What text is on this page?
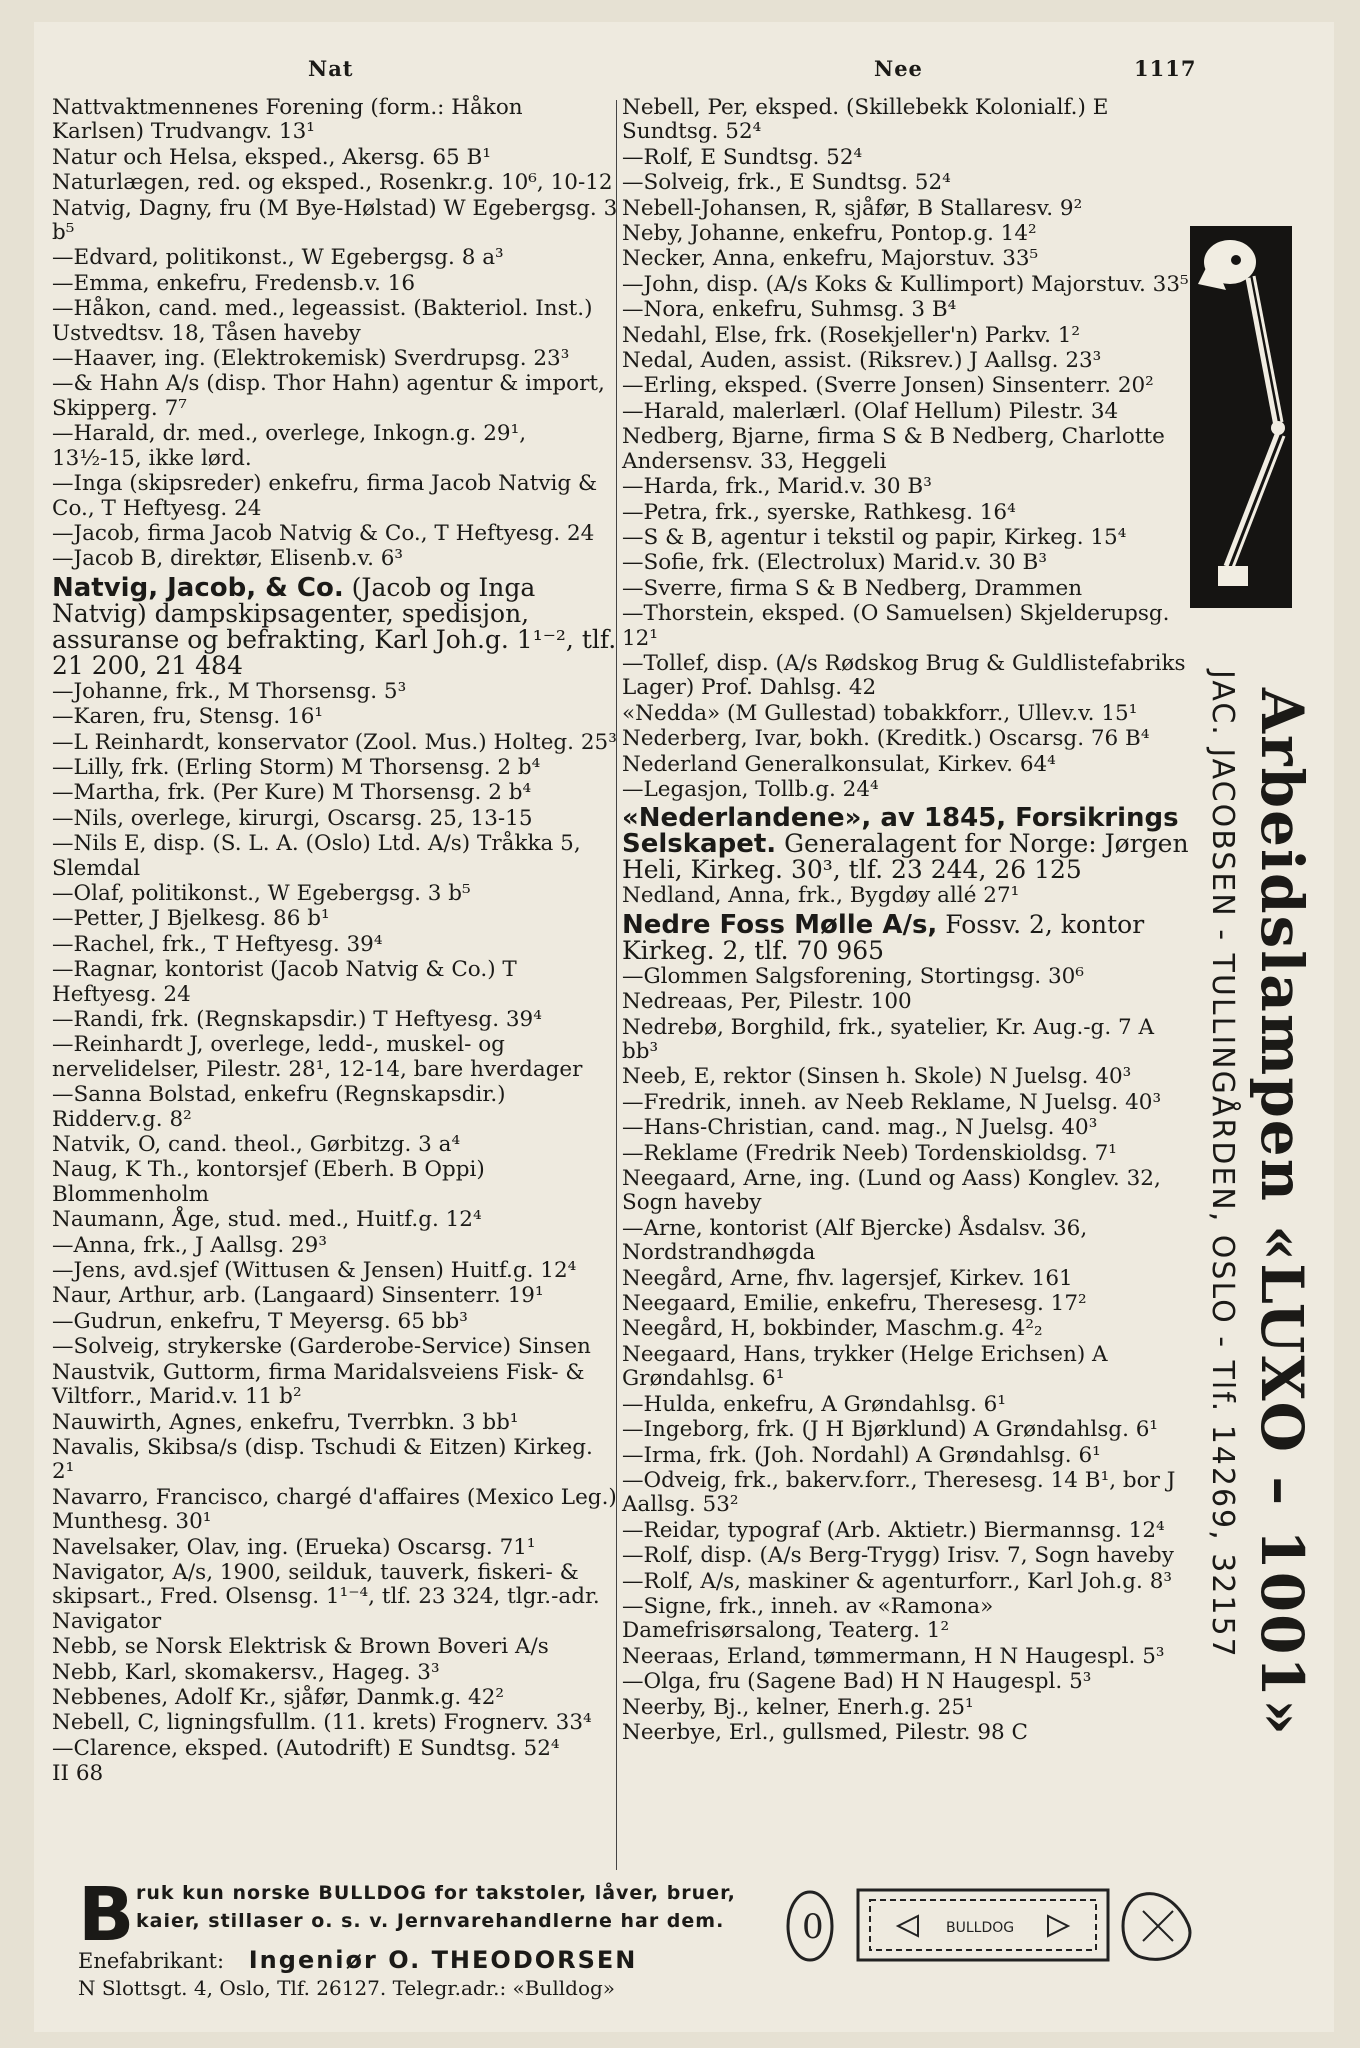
Nat	Nee	1117
Nattvaktmennenes Forening (form.: Håkon Karlsen) Trudvangv. 13¹
Natur och Helsa, eksped., Akersg. 65 B¹
Naturlægen, red. og eksped., Rosenkr.g. 10⁶, 10-12
Natvig, Dagny, fru (M Bye-Hølstad) W Egebergsg. 3 b⁵
—Edvard, politikonst., W Egebergsg. 8 a³
—Emma, enkefru, Fredensb.v. 16
—Håkon, cand. med., legeassist. (Bakteriol. Inst.) Ustvedtsv. 18, Tåsen haveby
—Haaver, ing. (Elektrokemisk) Sverdrupsg. 23³
—& Hahn A/s (disp. Thor Hahn) agentur & import, Skipperg. 7⁷
—Harald, dr. med., overlege, Inkogn.g. 29¹, 13½-15, ikke lørd.
—Inga (skipsreder) enkefru, firma Jacob Natvig & Co., T Heftyesg. 24
—Jacob, firma Jacob Natvig & Co., T Heftyesg. 24
—Jacob B, direktør, Elisenb.v. 6³
Natvig, Jacob, & Co. (Jacob og Inga Natvig) dampskipsagenter, spedisjon, assuranse og befrakting, Karl Joh.g. 1¹⁻², tlf. 21 200, 21 484
—Johanne, frk., M Thorsensg. 5³
—Karen, fru, Stensg. 16¹
—L Reinhardt, konservator (Zool. Mus.) Holteg. 25³
—Lilly, frk. (Erling Storm) M Thorsensg. 2 b⁴
—Martha, frk. (Per Kure) M Thorsensg. 2 b⁴
—Nils, overlege, kirurgi, Oscarsg. 25, 13-15
—Nils E, disp. (S. L. A. (Oslo) Ltd. A/s) Tråkka 5, Slemdal
—Olaf, politikonst., W Egebergsg. 3 b⁵
—Petter, J Bjelkesg. 86 b¹
—Rachel, frk., T Heftyesg. 39⁴
—Ragnar, kontorist (Jacob Natvig & Co.) T Heftyesg. 24
—Randi, frk. (Regnskapsdir.) T Heftyesg. 39⁴
—Reinhardt J, overlege, ledd-, muskel- og nervelidelser, Pilestr. 28¹, 12-14, bare hverdager
—Sanna Bolstad, enkefru (Regnskapsdir.) Ridderv.g. 8²
Natvik, O, cand. theol., Gørbitzg. 3 a⁴
Naug, K Th., kontorsjef (Eberh. B Oppi) Blommenholm
Naumann, Åge, stud. med., Huitf.g. 12⁴
—Anna, frk., J Aallsg. 29³
—Jens, avd.sjef (Wittusen & Jensen) Huitf.g. 12⁴
Naur, Arthur, arb. (Langaard) Sinsenterr. 19¹
—Gudrun, enkefru, T Meyersg. 65 bb³
—Solveig, strykerske (Garderobe-Service) Sinsen
Naustvik, Guttorm, firma Maridalsveiens Fisk- & Viltforr., Marid.v. 11 b²
Nauwirth, Agnes, enkefru, Tverrbkn. 3 bb¹
Navalis, Skibsa/s (disp. Tschudi & Eitzen) Kirkeg. 2¹
Navarro, Francisco, chargé d'affaires (Mexico Leg.) Munthesg. 30¹
Navelsaker, Olav, ing. (Erueka) Oscarsg. 71¹
Navigator, A/s, 1900, seilduk, tauverk, fiskeri- & skipsart., Fred. Olsensg. 1¹⁻⁴, tlf. 23 324, tlgr.-adr. Navigator
Nebb, se Norsk Elektrisk & Brown Boveri A/s
Nebb, Karl, skomakersv., Hageg. 3³
Nebbenes, Adolf Kr., sjåfør, Danmk.g. 42²
Nebell, C, ligningsfullm. (11. krets) Frognerv. 33⁴
—Clarence, eksped. (Autodrift) E Sundtsg. 52⁴
II 68
Nebell, Per, eksped. (Skillebekk Kolonialf.) E Sundtsg. 52⁴
—Rolf, E Sundtsg. 52⁴
—Solveig, frk., E Sundtsg. 52⁴
Nebell-Johansen, R, sjåfør, B Stallaresv. 9²
Neby, Johanne, enkefru, Pontop.g. 14²
Necker, Anna, enkefru, Majorstuv. 33⁵
—John, disp. (A/s Koks & Kullimport) Majorstuv. 33⁵
—Nora, enkefru, Suhmsg. 3 B⁴
Nedahl, Else, frk. (Rosekjeller'n) Parkv. 1²
Nedal, Auden, assist. (Riksrev.) J Aallsg. 23³
—Erling, eksped. (Sverre Jonsen) Sinsenterr. 20²
—Harald, malerlærl. (Olaf Hellum) Pilestr. 34
Nedberg, Bjarne, firma S & B Nedberg, Charlotte Andersensv. 33, Heggeli
—Harda, frk., Marid.v. 30 B³
—Petra, frk., syerske, Rathkesg. 16⁴
—S & B, agentur i tekstil og papir, Kirkeg. 15⁴
—Sofie, frk. (Electrolux) Marid.v. 30 B³
—Sverre, firma S & B Nedberg, Drammen
—Thorstein, eksped. (O Samuelsen) Skjelderupsg. 12¹
—Tollef, disp. (A/s Rødskog Brug & Guldlistefabriks Lager) Prof. Dahlsg. 42
«Nedda» (M Gullestad) tobakkforr., Ullev.v. 15¹
Nederberg, Ivar, bokh. (Kreditk.) Oscarsg. 76 B⁴
Nederland Generalkonsulat, Kirkev. 64⁴
—Legasjon, Tollb.g. 24⁴
«Nederlandene», av 1845, Forsikrings Selskapet. Generalagent for Norge: Jørgen Heli, Kirkeg. 30³, tlf. 23 244, 26 125
Nedland, Anna, frk., Bygdøy allé 27¹
Nedre Foss Mølle A/s, Fossv. 2, kontor Kirkeg. 2, tlf. 70 965
—Glommen Salgsforening, Stortingsg. 30⁶
Nedreaas, Per, Pilestr. 100
Nedrebø, Borghild, frk., syatelier, Kr. Aug.-g. 7 A bb³
Neeb, E, rektor (Sinsen h. Skole) N Juelsg. 40³
—Fredrik, inneh. av Neeb Reklame, N Juelsg. 40³
—Hans-Christian, cand. mag., N Juelsg. 40³
—Reklame (Fredrik Neeb) Tordenskioldsg. 7¹
Neegaard, Arne, ing. (Lund og Aass) Konglev. 32, Sogn haveby
—Arne, kontorist (Alf Bjercke) Åsdalsv. 36, Nordstrandhøgda
Neegård, Arne, fhv. lagersjef, Kirkev. 161
Neegaard, Emilie, enkefru, Theresesg. 17²
Neegård, H, bokbinder, Maschm.g. 4²₂
Neegaard, Hans, trykker (Helge Erichsen) A Grøndahlsg. 6¹
—Hulda, enkefru, A Grøndahlsg. 6¹
—Ingeborg, frk. (J H Bjørklund) A Grøndahlsg. 6¹
—Irma, frk. (Joh. Nordahl) A Grøndahlsg. 6¹
—Odveig, frk., bakerv.forr., Theresesg. 14 B¹, bor J Aallsg. 53²
—Reidar, typograf (Arb. Aktietr.) Biermannsg. 12⁴
—Rolf, disp. (A/s Berg-Trygg) Irisv. 7, Sogn haveby
—Rolf, A/s, maskiner & agenturforr., Karl Joh.g. 8³
—Signe, frk., inneh. av «Ramona» Damefrisørsalong, Teaterg. 1²
Neeraas, Erland, tømmermann, H N Haugespl. 5³
—Olga, fru (Sagene Bad) H N Haugespl. 5³
Neerby, Bj., kelner, Enerh.g. 25¹
Neerbye, Erl., gullsmed, Pilestr. 98 C	Arbeidslampen «LUXO – 1001»
JAC. JACOBSEN - TULLINGÅRDEN, OSLO - Tlf. 14269, 32157
B ruk kun norske BULLDOG for takstoler, låver, bruer,
kaier, stillaser o. s. v. Jernvarehandlerne har dem.
Enefabrikant: Ingeniør O. THEODORSEN
N Slottsgt. 4, Oslo, Tlf. 26127. Telegr.adr.: «Bulldog»
0	BULLDOG
